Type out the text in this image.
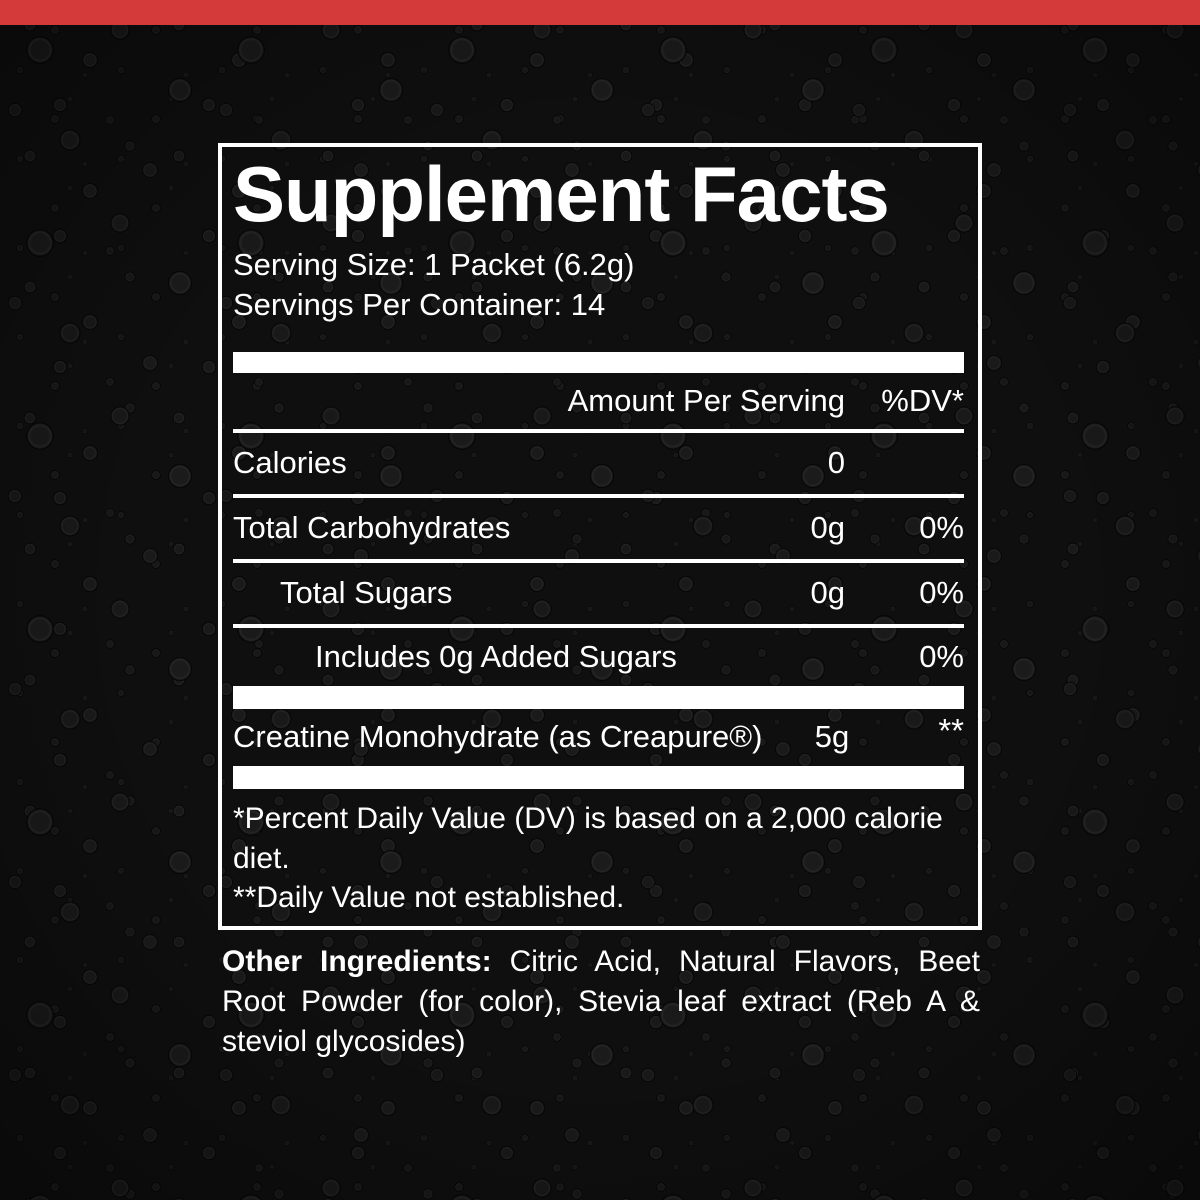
Supplement Facts
Serving Size: 1 Packet (6.2g)
Servings Per Container: 14
Amount Per Serving	%DV*
Calories	0
Total Carbohydrates	0g	0%
Total Sugars	0g	0%
Includes 0g Added Sugars	0%
Creatine Monohydrate (as Creapure®)	5g	**

*Percent Daily Value (DV) is based on a 2,000 calorie diet.

**Daily Value not established.

Other Ingredients: Citric Acid, Natural Flavors, Beet Root Powder (for color), Stevia leaf extract (Reb A & steviol glycosides)
